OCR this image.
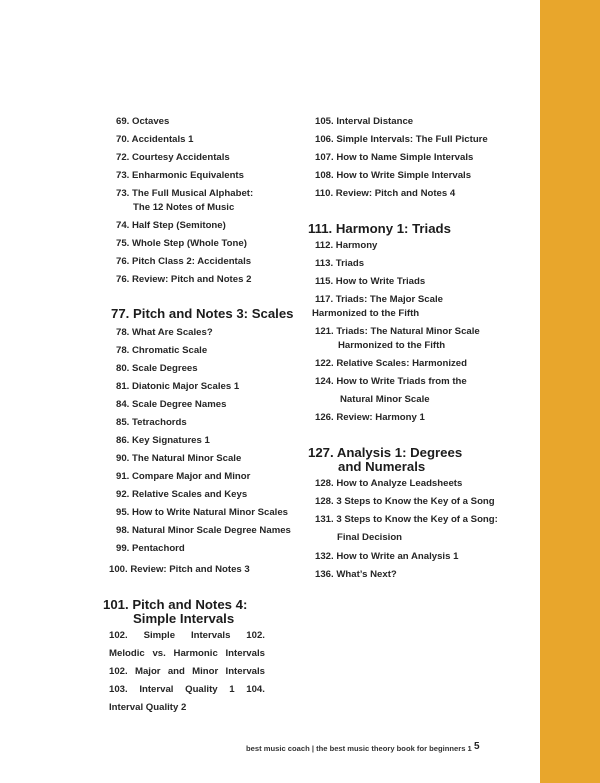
69. Octaves
70. Accidentals 1
72. Courtesy Accidentals
73. Enharmonic Equivalents
73. The Full Musical Alphabet:
The 12 Notes of Music
74. Half Step (Semitone)
75. Whole Step (Whole Tone)
76. Pitch Class 2: Accidentals
76. Review: Pitch and Notes 2
77. Pitch and Notes 3: Scales
78. What Are Scales?
78. Chromatic Scale
80. Scale Degrees
81. Diatonic Major Scales 1
84. Scale Degree Names
85. Tetrachords
86. Key Signatures 1
90. The Natural Minor Scale
91. Compare Major and Minor
92. Relative Scales and Keys
95. How to Write Natural Minor Scales
98. Natural Minor Scale Degree Names
99. Pentachord
100. Review: Pitch and Notes 3
101. Pitch and Notes 4:
Simple Intervals
102. Simple Intervals 102.
Melodic vs. Harmonic Intervals
102. Major and Minor Intervals
103. Interval Quality 1 104.
Interval Quality 2
105. Interval Distance
106. Simple Intervals: The Full Picture
107. How to Name Simple Intervals
108. How to Write Simple Intervals
110. Review: Pitch and Notes 4
111. Harmony 1: Triads
112. Harmony
113. Triads
115. How to Write Triads
117. Triads: The Major Scale
Harmonized to the Fifth
121. Triads: The Natural Minor Scale
Harmonized to the Fifth
122. Relative Scales: Harmonized
124. How to Write Triads from the
Natural Minor Scale
126. Review: Harmony 1
127. Analysis 1: Degrees
and Numerals
128. How to Analyze Leadsheets
128. 3 Steps to Know the Key of a Song
131. 3 Steps to Know the Key of a Song:
Final Decision
132. How to Write an Analysis 1
136. What’s Next?
best music coach | the best music theory book for beginners 1 5
